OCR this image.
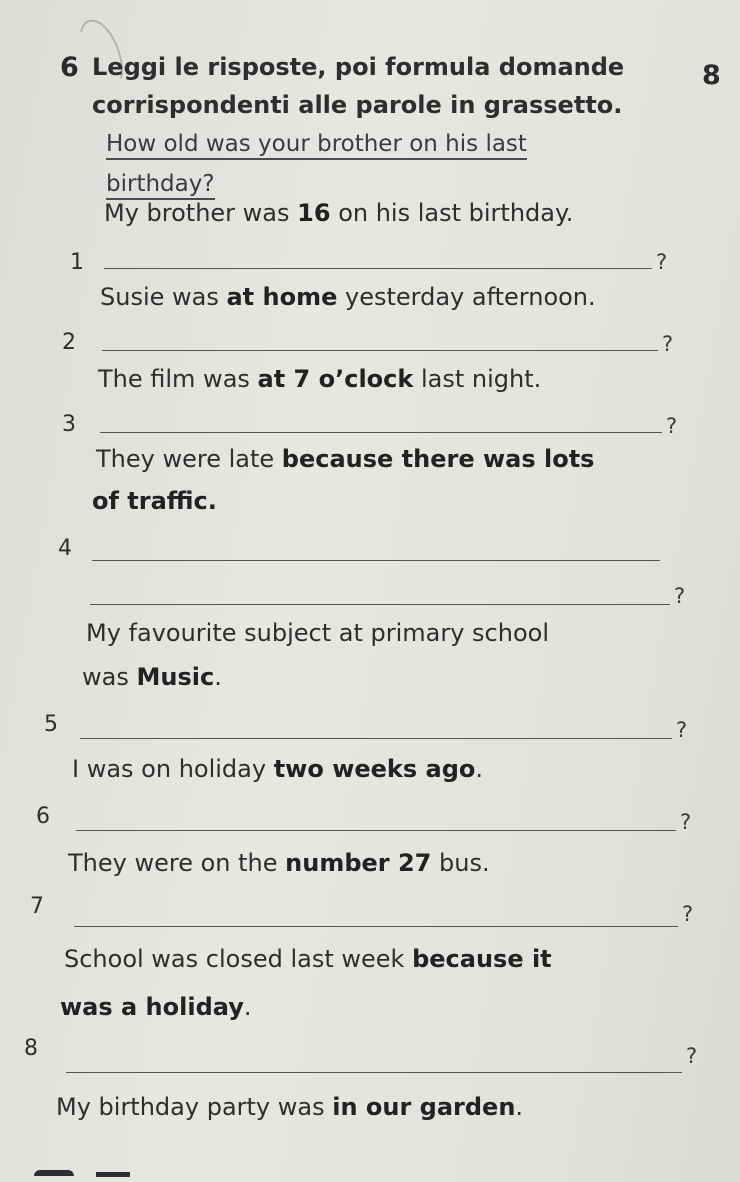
6 Leggi le risposte, poi formula domande
corrispondenti alle parole in grassetto.
8
How old was your brother on his last
birthday?
My brother was 16 on his last birthday.
1	?
Susie was at home yesterday afternoon.
2	?
The film was at 7 o’clock last night.
3	?
They were late because there was lots
of traffic.
4
?
My favourite subject at primary school
was Music.
5	?
I was on holiday two weeks ago.
6	?
They were on the number 27 bus.
7	?
School was closed last week because it
was a holiday.
8	?
My birthday party was in our garden.
